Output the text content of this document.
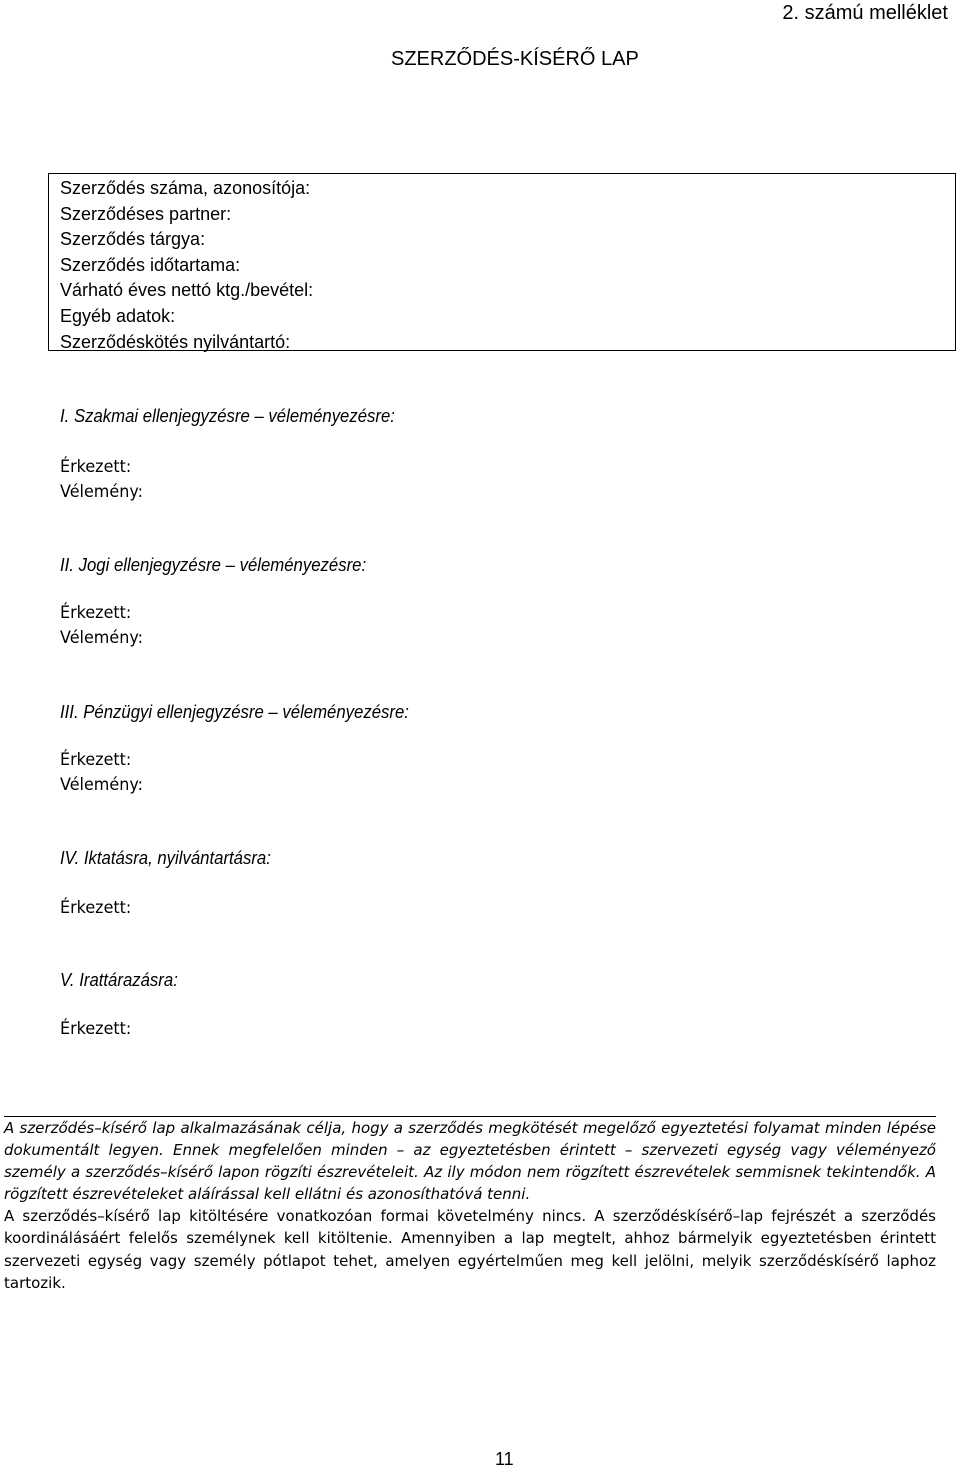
2. számú melléklet
SZERZŐDÉS-KÍSÉRŐ LAP
Szerződés száma, azonosítója:
Szerződéses partner:
Szerződés tárgya:
Szerződés időtartama:
Várható éves nettó ktg./bevétel:
Egyéb adatok:
Szerződéskötés nyilvántartó:
I. Szakmai ellenjegyzésre – véleményezésre:
Érkezett:
Vélemény:
II. Jogi ellenjegyzésre – véleményezésre:
Érkezett:
Vélemény:
III. Pénzügyi ellenjegyzésre – véleményezésre:
Érkezett:
Vélemény:
IV. Iktatásra, nyilvántartásra:
Érkezett:
V. Irattárazásra:
Érkezett:

A szerződés–kísérő lap alkalmazásának célja, hogy a szerződés megkötését megelőző egyeztetési folyamat minden lépése dokumentált legyen. Ennek megfelelően minden – az egyeztetésben érintett – szervezeti egység vagy véleményező személy a szerződés–kísérő lapon rögzíti észrevételeit. Az ily módon nem rögzített észrevételek semmisnek tekintendők. A rögzített észrevételeket aláírással kell ellátni és azonosíthatóvá tenni.

A szerződés–kísérő lap kitöltésére vonatkozóan formai követelmény nincs. A szerződéskísérő–lap fejrészét a szerződés koordinálásáért felelős személynek kell kitöltenie. Amennyiben a lap megtelt, ahhoz bármelyik egyeztetésben érintett szervezeti egység vagy személy pótlapot tehet, amelyen egyértelműen meg kell jelölni, melyik szerződéskísérő laphoz tartozik.

11
